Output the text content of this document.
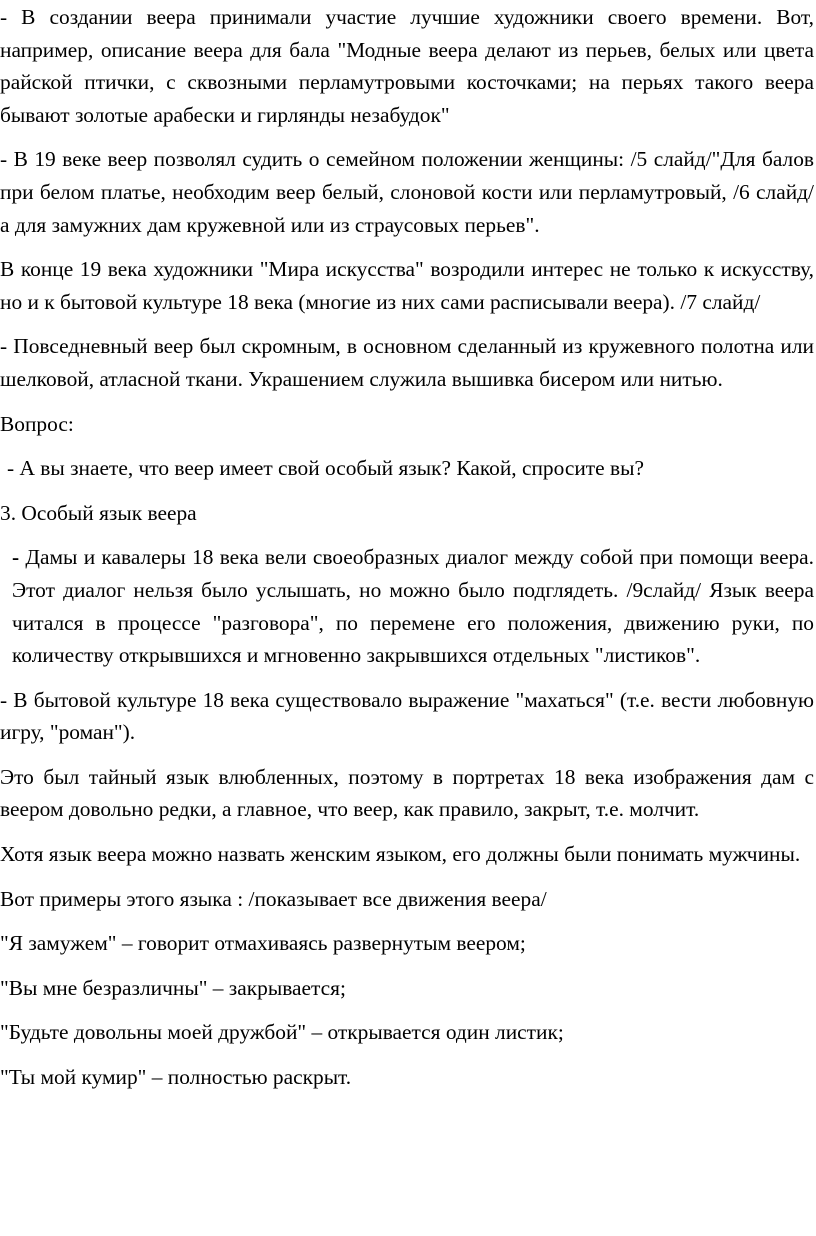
- В создании веера принимали участие лучшие художники своего времени. Вот, например, описание веера для бала "Модные веера делают из перьев, белых или цвета райской птички, с сквозными перламутровыми косточками; на перьях такого веера бывают золотые арабески и гирлянды незабудок"

- В 19 веке веер позволял судить о семейном положении женщины: /5 слайд/"Для балов при белом платье, необходим веер белый, слоновой кости или перламутровый, /6 слайд/ а для замужних дам кружевной или из страусовых перьев".

В конце 19 века художники "Мира искусства" возродили интерес не только к искусству, но и к бытовой культуре 18 века (многие из них сами расписывали веера). /7 слайд/

- Повседневный веер был скромным, в основном сделанный из кружевного полотна или шелковой, атласной ткани. Украшением служила вышивка бисером или нитью.

Вопрос:

- А вы знаете, что веер имеет свой особый язык? Какой, спросите вы?

3. Особый язык веера

- Дамы и кавалеры 18 века вели своеобразных диалог между собой при помощи веера. Этот диалог нельзя было услышать, но можно было подглядеть. /9слайд/ Язык веера читался в процессе "разговора", по перемене его положения, движению руки, по количеству открывшихся и мгновенно закрывшихся отдельных "листиков".

- В бытовой культуре 18 века существовало выражение "махаться" (т.е. вести любовную игру, "роман").

Это был тайный язык влюбленных, поэтому в портретах 18 века изображения дам с веером довольно редки, а главное, что веер, как правило, закрыт, т.е. молчит.

Хотя язык веера можно назвать женским языком, его должны были понимать мужчины.

Вот примеры этого языка : /показывает все движения веера/

"Я замужем" – говорит отмахиваясь развернутым веером;

"Вы мне безразличны" – закрывается;

"Будьте довольны моей дружбой" – открывается один листик;

"Ты мой кумир" – полностью раскрыт.
